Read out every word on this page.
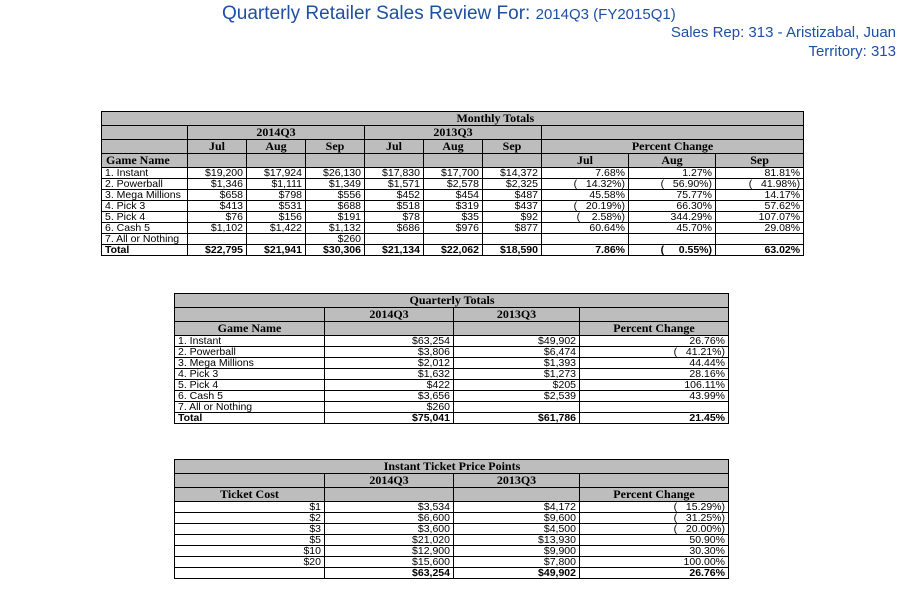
Quarterly Retailer Sales Review For: 2014Q3 (FY2015Q1)
Sales Rep: 313 - Aristizabal, Juan
Territory: 313
	Monthly Totals								
	2014Q3			2013Q3					
	Jul	Aug	Sep	Jul	Aug	Sep	Percent Change		
Game Name							Jul	Aug	Sep
1. Instant	$19,200	$17,924	$26,130	$17,830	$17,700	$14,372	7.68%	1.27%	81.81%
2. Powerball	$1,346	$1,111	$1,349	$1,571	$2,578	$2,325	(   14.32%)	(   56.90%)	(   41.98%)
3. Mega Millions	$658	$798	$556	$452	$454	$487	45.58%	75.77%	14.17%
4. Pick 3	$413	$531	$688	$518	$319	$437	(   20.19%)	66.30%	57.62%
5. Pick 4	$76	$156	$191	$78	$35	$92	(    2.58%)	344.29%	107.07%
6. Cash 5	$1,102	$1,422	$1,132	$686	$976	$877	60.64%	45.70%	29.08%
7. All or Nothing			$260						
Total	$22,795	$21,941	$30,306	$21,134	$22,062	$18,590	7.86%	(     0.55%)	63.02%
	Quarterly Totals		
	2014Q3	2013Q3	
Game Name			Percent Change
1. Instant	$63,254	$49,902	26.76%
2. Powerball	$3,806	$6,474	(   41.21%)
3. Mega Millions	$2,012	$1,393	44.44%
4. Pick 3	$1,632	$1,273	28.16%
5. Pick 4	$422	$205	106.11%
6. Cash 5	$3,656	$2,539	43.99%
7. All or Nothing	$260		
Total	$75,041	$61,786	21.45%
	Instant Ticket Price Points		
	2014Q3	2013Q3	
Ticket Cost			Percent Change
$1	$3,534	$4,172	(   15.29%)
$2	$6,600	$9,600	(   31.25%)
$3	$3,600	$4,500	(   20.00%)
$5	$21,020	$13,930	50.90%
$10	$12,900	$9,900	30.30%
$20	$15,600	$7,800	100.00%
	$63,254	$49,902	26.76%
